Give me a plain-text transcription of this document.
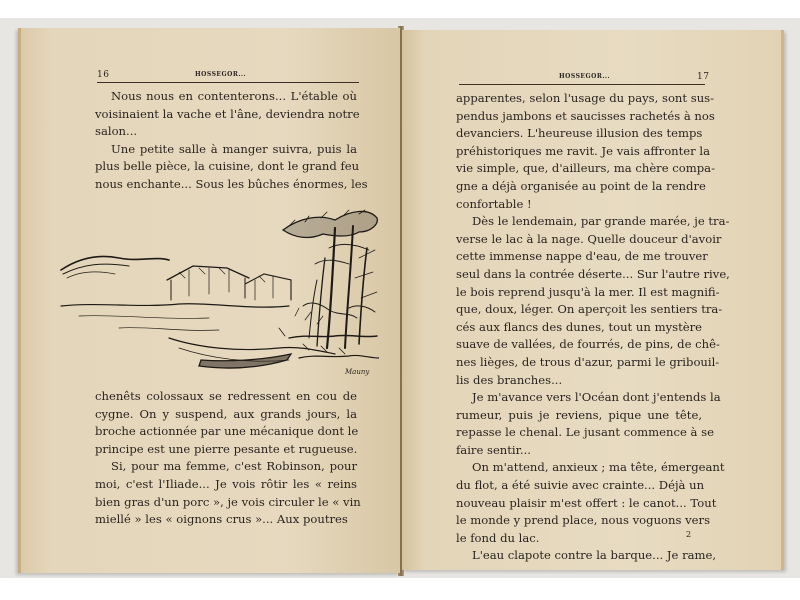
16	HOSSEGOR...
Nous nous en contenterons... L'étable où
voisinaient la vache et l'âne, deviendra notre
salon...
Une petite salle à manger suivra, puis la
plus belle pièce, la cuisine, dont le grand feu
nous enchante... Sous les bûches énormes, les
Mauny
chenêts colossaux se redressent en cou de
cygne. On y suspend, aux grands jours, la
broche actionnée par une mécanique dont le
principe est une pierre pesante et rugueuse.
Si, pour ma femme, c'est Robinson, pour
moi, c'est l'Iliade... Je vois rôtir les « reins
bien gras d'un porc », je vois circuler le « vin
miellé » les « oignons crus »... Aux poutres
HOSSEGOR...	17
apparentes, selon l'usage du pays, sont sus-
pendus jambons et saucisses rachetés à nos
devanciers. L'heureuse illusion des temps
préhistoriques me ravit. Je vais affronter la
vie simple, que, d'ailleurs, ma chère compa-
gne a déjà organisée au point de la rendre
confortable !
Dès le lendemain, par grande marée, je tra-
verse le lac à la nage. Quelle douceur d'avoir
cette immense nappe d'eau, de me trouver
seul dans la contrée déserte... Sur l'autre rive,
le bois reprend jusqu'à la mer. Il est magnifi-
que, doux, léger. On aperçoit les sentiers tra-
cés aux flancs des dunes, tout un mystère
suave de vallées, de fourrés, de pins, de chê-
nes lièges, de trous d'azur, parmi le gribouil-
lis des branches...
Je m'avance vers l'Océan dont j'entends la
rumeur, puis je reviens, pique une tête,
repasse le chenal. Le jusant commence à se
faire sentir...
On m'attend, anxieux ; ma tête, émergeant
du flot, a été suivie avec crainte... Déjà un
nouveau plaisir m'est offert : le canot... Tout
le monde y prend place, nous voguons vers
le fond du lac.
L'eau clapote contre la barque... Je rame,
2
